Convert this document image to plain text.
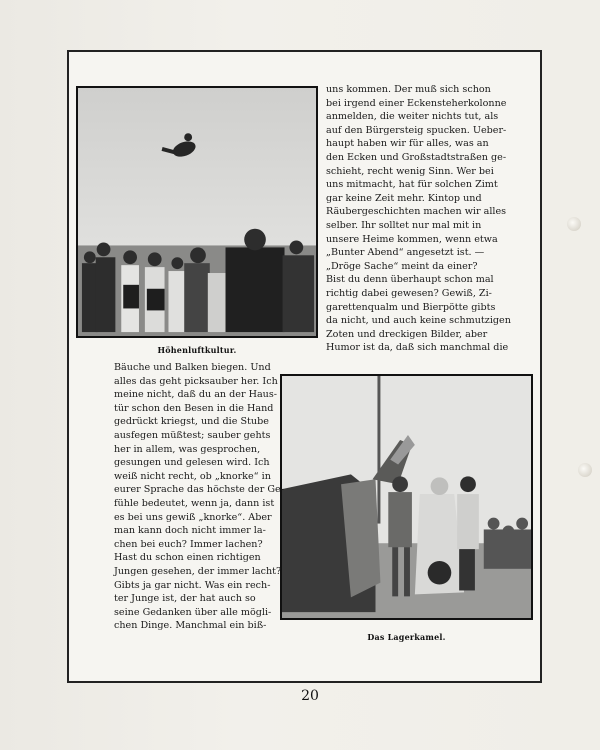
Höhenluftkultur.
Das Lagerkamel.
uns kommen. Der muß sich schon
bei irgend einer Eckensteherkolonne
anmelden, die weiter nichts tut, als
auf den Bürgersteig spucken. Ueber-
haupt haben wir für alles, was an
den Ecken und Großstadtstraßen ge-
schieht, recht wenig Sinn. Wer bei
uns mitmacht, hat für solchen Zimt
gar keine Zeit mehr. Kintop und
Räubergeschichten machen wir alles
selber. Ihr solltet nur mal mit in
unsere Heime kommen, wenn etwa
„Bunter Abend“ angesetzt ist. —
„Dröge Sache“ meint da einer?
Bist du denn überhaupt schon mal
richtig dabei gewesen? Gewiß, Zi-
garettenqualm und Bierpötte gibts
da nicht, und auch keine schmutzigen
Zoten und dreckigen Bilder, aber
Humor ist da, daß sich manchmal die
Bäuche und Balken biegen. Und
alles das geht picksauber her. Ich
meine nicht, daß du an der Haus-
tür schon den Besen in die Hand
gedrückt kriegst, und die Stube
ausfegen müßtest; sauber gehts
her in allem, was gesprochen,
gesungen und gelesen wird. Ich
weiß nicht recht, ob „knorke“ in
eurer Sprache das höchste der Ge-
fühle bedeutet, wenn ja, dann ist
es bei uns gewiß „knorke“. Aber
man kann doch nicht immer la-
chen bei euch? Immer lachen?
Hast du schon einen richtigen
Jungen gesehen, der immer lacht?
Gibts ja gar nicht. Was ein rech-
ter Junge ist, der hat auch so
seine Gedanken über alle mögli-
chen Dinge. Manchmal ein biß-
20
